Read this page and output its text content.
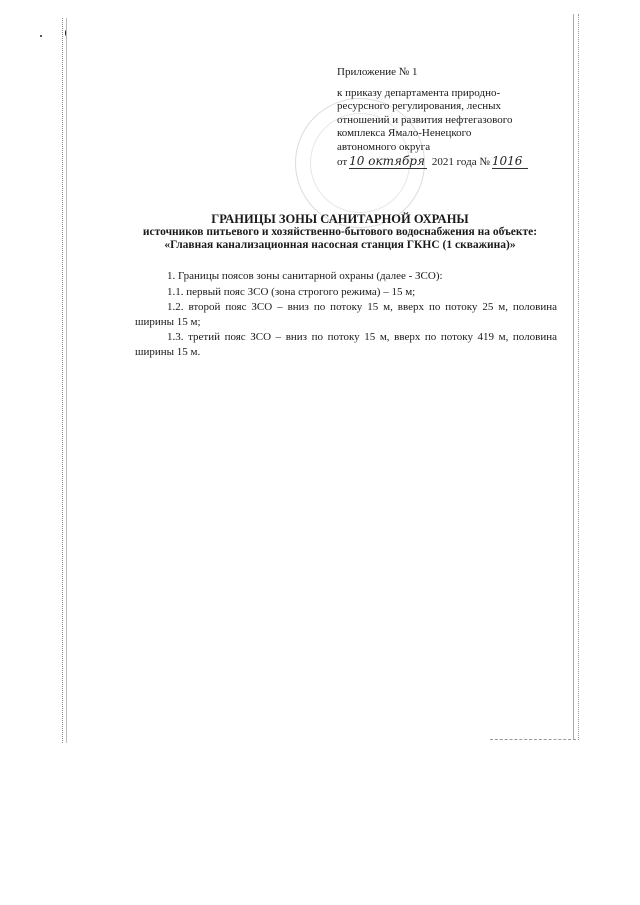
Приложение № 1
к приказу департамента природно-
ресурсного регулирования, лесных
отношений и развития нефтегазового
комплекса Ямало-Ненецкого
автономного округа
от 10 октября 2021 года № 1016
ГРАНИЦЫ ЗОНЫ САНИТАРНОЙ ОХРАНЫ
источников питьевого и хозяйственно-бытового водоснабжения на объекте:
«Главная канализационная насосная станция ГКНС (1 скважина)»

1. Границы поясов зоны санитарной охраны (далее - ЗСО):

1.1. первый пояс ЗСО (зона строгого режима) – 15 м;

1.2. второй пояс ЗСО – вниз по потоку 15 м, вверх по потоку 25 м, половина ширины 15 м;

1.3. третий пояс ЗСО – вниз по потоку 15 м, вверх по потоку 419 м, половина ширины 15 м.
